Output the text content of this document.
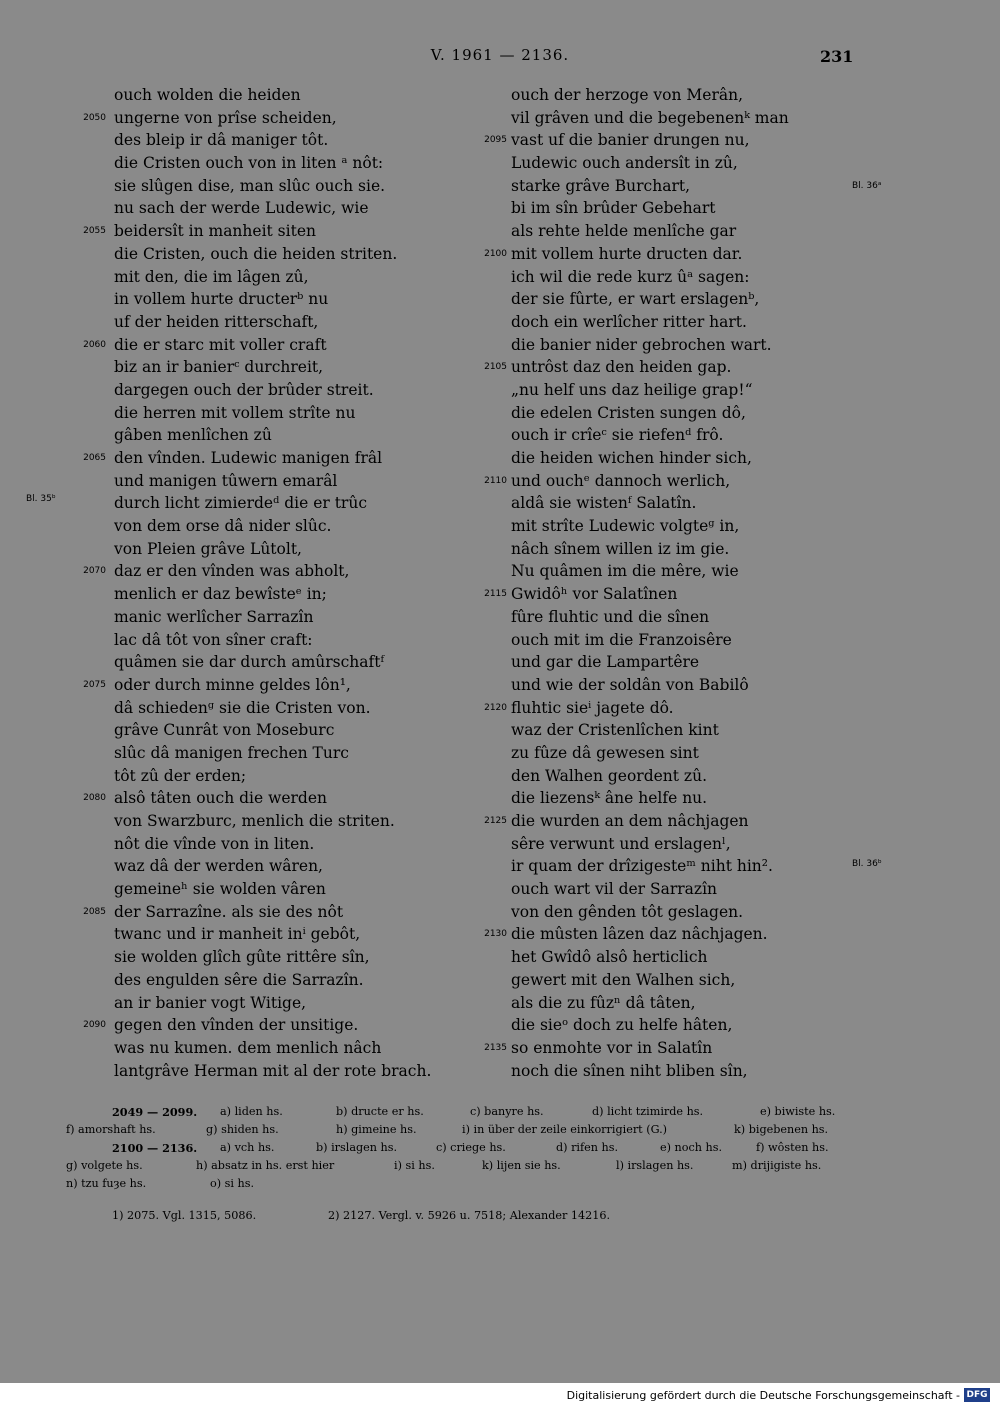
V. 1961 — 2136.	231
ouch wolden die heiden
2050 ungerne von prîse scheiden,
des bleip ir dâ maniger tôt.
die Cristen ouch von in liten ᵃ nôt:
sie slûgen dise, man slûc ouch sie.
nu sach der werde Ludewic, wie
2055 beidersît in manheit siten
die Cristen, ouch die heiden striten.
mit den, die im lâgen zû,
in vollem hurte dructerᵇ nu
uf der heiden ritterschaft,
2060 die er starc mit voller craft
biz an ir banierᶜ durchreit,
dargegen ouch der brûder streit.
die herren mit vollem strîte nu
gâben menlîchen zû
2065 den vînden. Ludewic manigen frâl
und manigen tûwern emarâl
durch licht zimierdeᵈ die er trûc
von dem orse dâ nider slûc.
von Pleien grâve Lûtolt,
2070 daz er den vînden was abholt,
menlich er daz bewîsteᵉ in;
manic werlîcher Sarrazîn
lac dâ tôt von sîner craft:
quâmen sie dar durch amûrschaftᶠ
2075 oder durch minne geldes lôn¹,
dâ schiedenᵍ sie die Cristen von.
grâve Cunrât von Moseburc
slûc dâ manigen frechen Turc
tôt zû der erden;
2080 alsô tâten ouch die werden
von Swarzburc, menlich die striten.
nôt die vînde von in liten.
waz dâ der werden wâren,
gemeineʰ sie wolden vâren
2085 der Sarrazîne. als sie des nôt
twanc und ir manheit inⁱ gebôt,
sie wolden glîch gûte rittêre sîn,
des engulden sêre die Sarrazîn.
an ir banier vogt Witige,
2090 gegen den vînden der unsitige.
was nu kumen. dem menlich nâch
lantgrâve Herman mit al der rote brach.
ouch der herzoge von Merân,
vil grâven und die begebenenᵏ man
2095 vast uf die banier drungen nu,
Ludewic ouch andersît in zû,
starke grâve Burchart,
bi im sîn brûder Gebehart
als rehte helde menlîche gar
2100 mit vollem hurte dructen dar.
ich wil die rede kurz ûᵃ sagen:
der sie fûrte, er wart erslagenᵇ,
doch ein werlîcher ritter hart.
die banier nider gebrochen wart.
2105 untrôst daz den heiden gap.
„nu helf uns daz heilige grap!“
die edelen Cristen sungen dô,
ouch ir crîeᶜ sie riefenᵈ frô.
die heiden wichen hinder sich,
2110 und ouchᵉ dannoch werlich,
aldâ sie wistenᶠ Salatîn.
mit strîte Ludewic volgteᵍ in,
nâch sînem willen iz im gie.
Nu quâmen im die mêre, wie
2115 Gwidôʰ vor Salatînen
fûre fluhtic und die sînen
ouch mit im die Franzoisêre
und gar die Lampartêre
und wie der soldân von Babilô
2120 fluhtic sieⁱ jagete dô.
waz der Cristenlîchen kint
zu fûze dâ gewesen sint
den Walhen geordent zû.
die liezensᵏ âne helfe nu.
2125 die wurden an dem nâchjagen
sêre verwunt und erslagenˡ,
ir quam der drîzigesteᵐ niht hin².
ouch wart vil der Sarrazîn
von den gênden tôt geslagen.
2130 die mûsten lâzen daz nâchjagen.
het Gwîdô alsô herticlich
gewert mit den Walhen sich,
als die zu fûzⁿ dâ tâten,
die sieᵒ doch zu helfe hâten,
2135 so enmohte vor in Salatîn
noch die sînen niht bliben sîn,
Bl. 35ᵇ
Bl. 36ᵃ
Bl. 36ᵇ
2049 — 2099. a) liden hs.	b) dructe er hs.	c) banyre hs.	d) licht tzimirde hs.	e) biwiste hs.
f) amorshaft hs.	g) shiden hs.	h) gimeine hs.	i) in über der zeile einkorrigiert (G.)	k) bigebenen hs.
2100 — 2136. a) vch hs.	b) irslagen hs.	c) criege hs.	d) rifen hs.	e) noch hs.	f) wôsten hs.
g) volgete hs.	h) absatz in hs. erst hier	i) si hs.	k) lijen sie hs.	l) irslagen hs.	m) drijigiste hs.
n) tzu fuȝe hs.	o) si hs.
1) 2075. Vgl. 1315, 5086.	2) 2127. Vergl. v. 5926 u. 7518; Alexander 14216.
Digitalisierung gefördert durch die Deutsche Forschungsgemeinschaft - DFG
